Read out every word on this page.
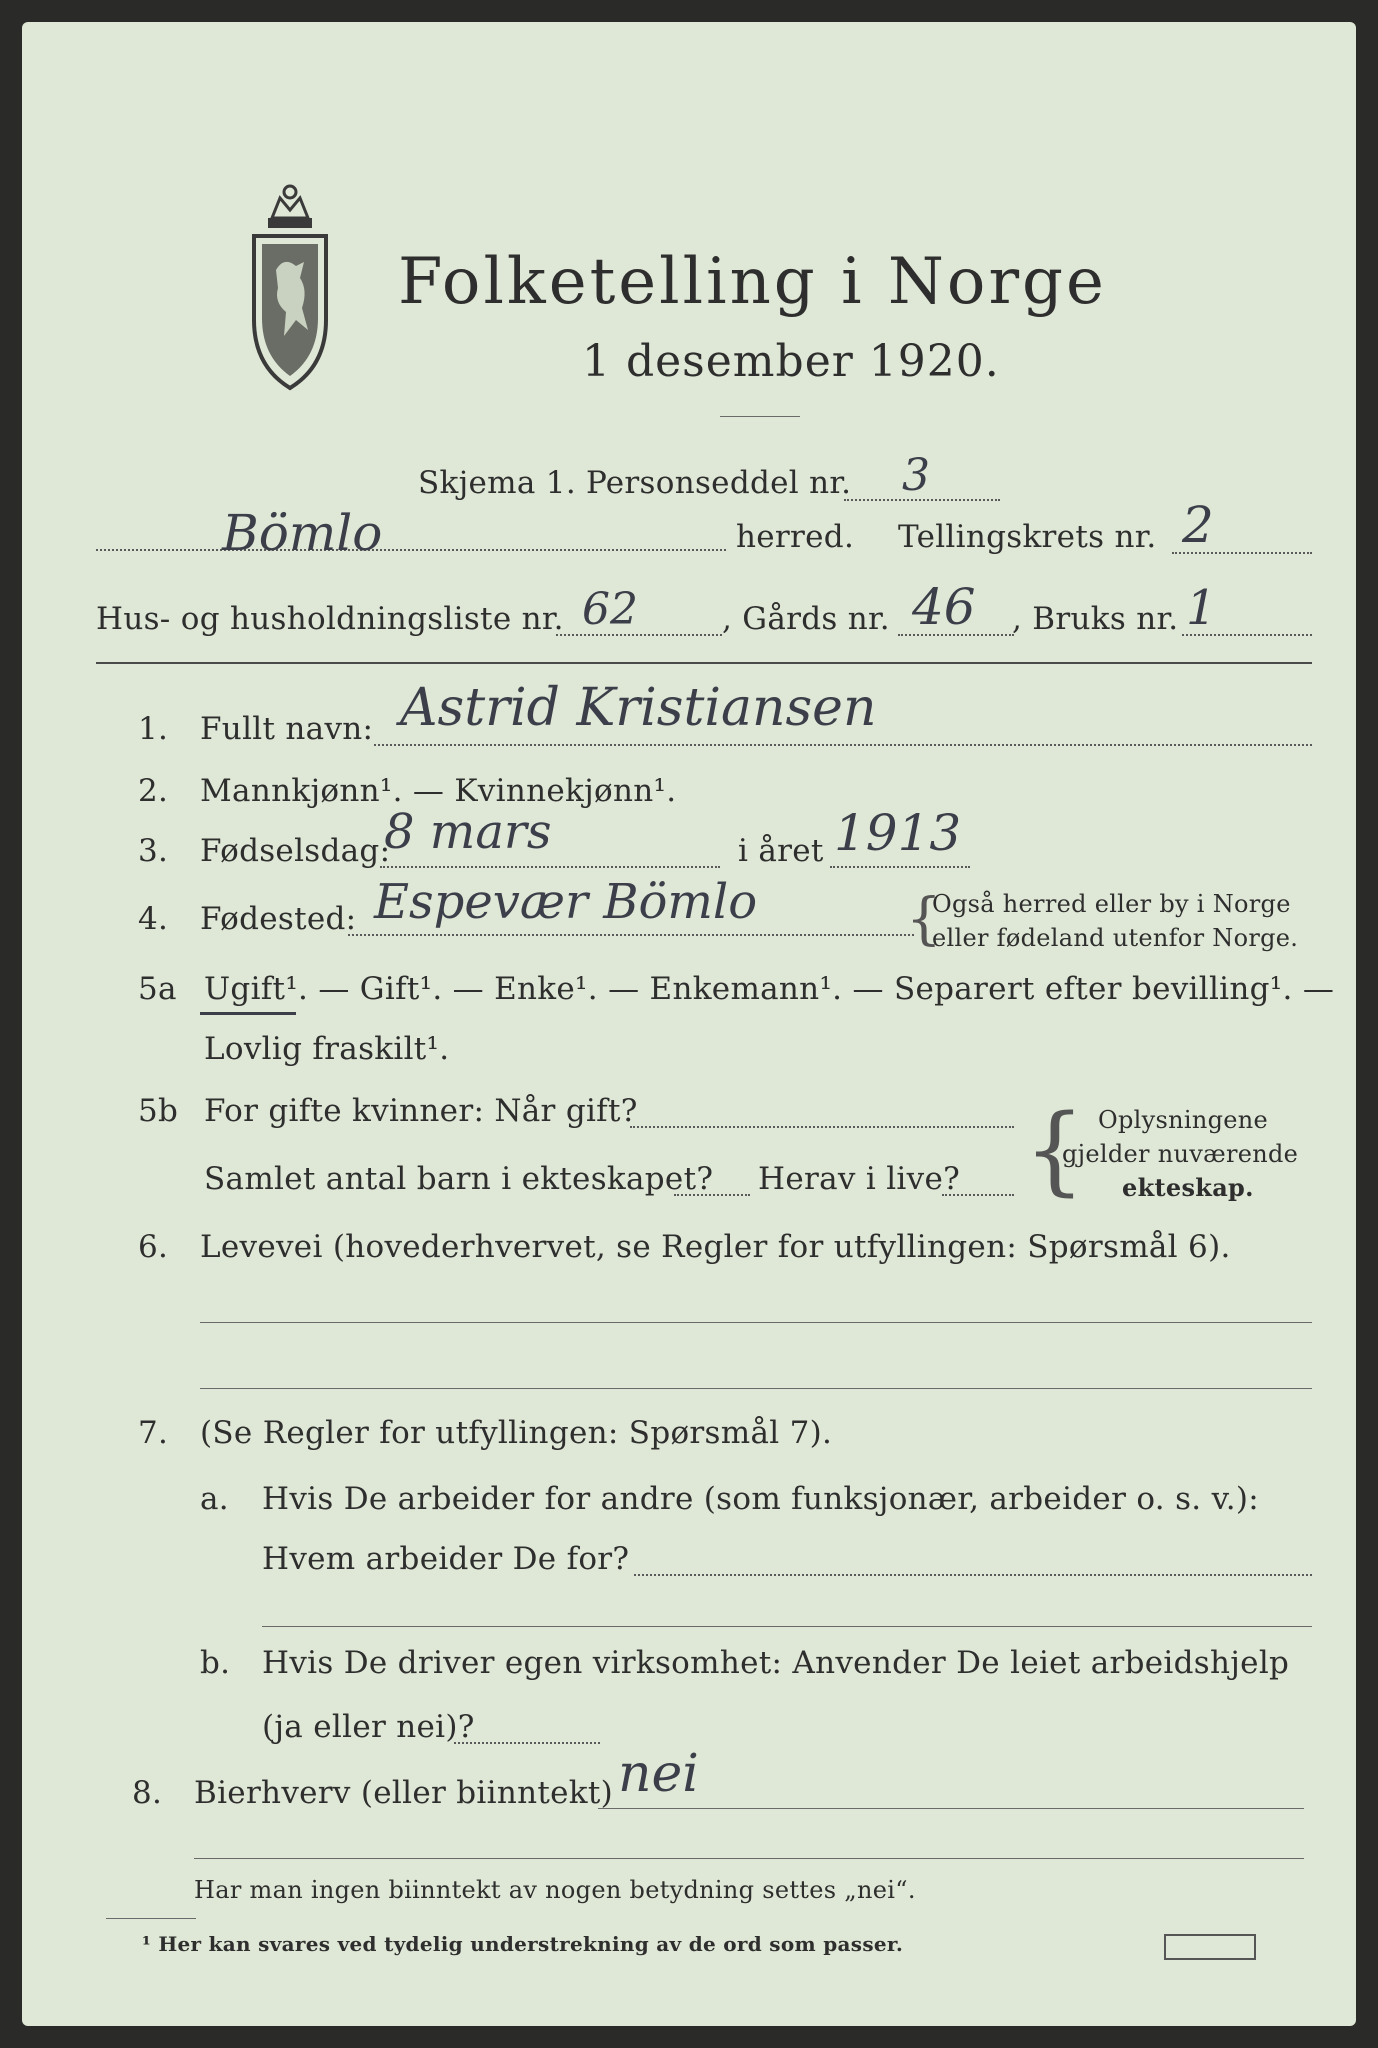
Folketelling i Norge
1 desember 1920.
Skjema 1. Personseddel nr. 3
Bömlo	herred. Tellingskrets nr. 2
Hus- og husholdningsliste nr. 62	, Gårds nr. 46 , Bruks nr. 1
1. Fullt navn: Astrid Kristiansen
2. Mannkjønn¹. — Kvinnekjønn¹.
3. Fødselsdag:
8 mars	i året 1913
4. Fødested: Espevær Bömlo	{
Også herred eller by i Norge
eller fødeland utenfor Norge.
5a Ugift¹. — Gift¹. — Enke¹. — Enkemann¹. — Separert efter bevilling¹. —
Lovlig fraskilt¹.
5b For gifte kvinner: Når gift?
Samlet antal barn i ekteskapet? Herav i live? { Oplysningene
gjelder nuværende
ekteskap.
6. Levevei (hovederhvervet, se Regler for utfyllingen: Spørsmål 6).
7. (Se Regler for utfyllingen: Spørsmål 7).
a. Hvis De arbeider for andre (som funksjonær, arbeider o. s. v.):
Hvem arbeider De for?
b. Hvis De driver egen virksomhet: Anvender De leiet arbeidshjelp
(ja eller nei)?
8. Bierhverv (eller biinntekt) nei
Har man ingen biinntekt av nogen betydning settes „nei“.
¹ Her kan svares ved tydelig understrekning av de ord som passer.
